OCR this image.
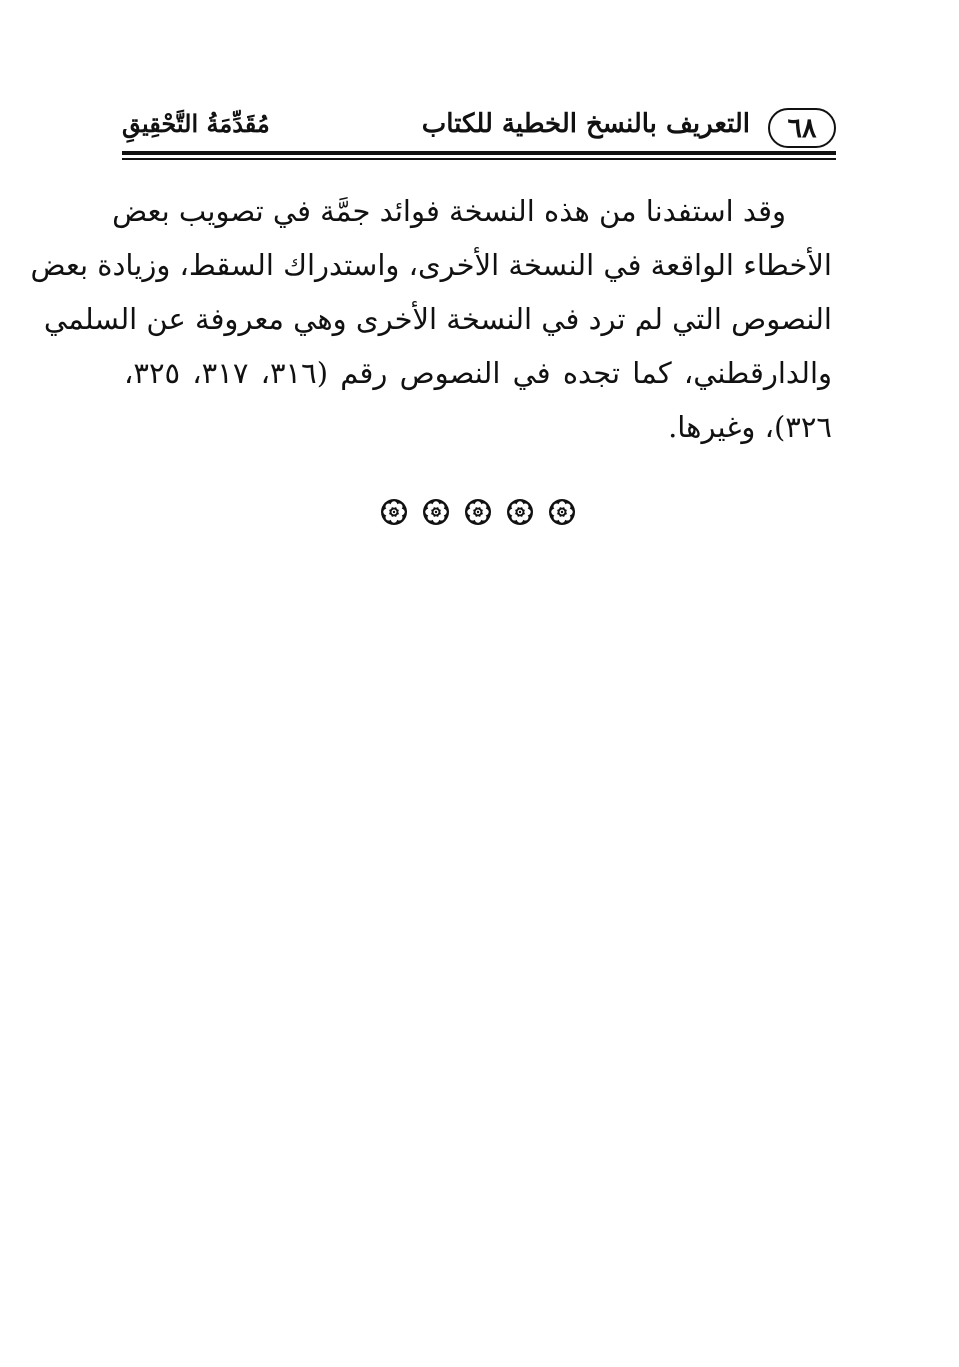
٦٨
التعريف بالنسخ الخطية للكتاب
مُقَدِّمَةُ التَّحْقِيقِ
وقد استفدنا من هذه النسخة فوائد جمَّة في تصويب بعض
الأخطاء الواقعة في النسخة الأخرى، واستدراك السقط، وزيادة بعض
النصوص التي لم ترد في النسخة الأخرى وهي معروفة عن السلمي
والدارقطني، كما تجده في النصوص رقم (٣١٦، ٣١٧، ٣٢٥،
٣٢٦)، وغيرها.
